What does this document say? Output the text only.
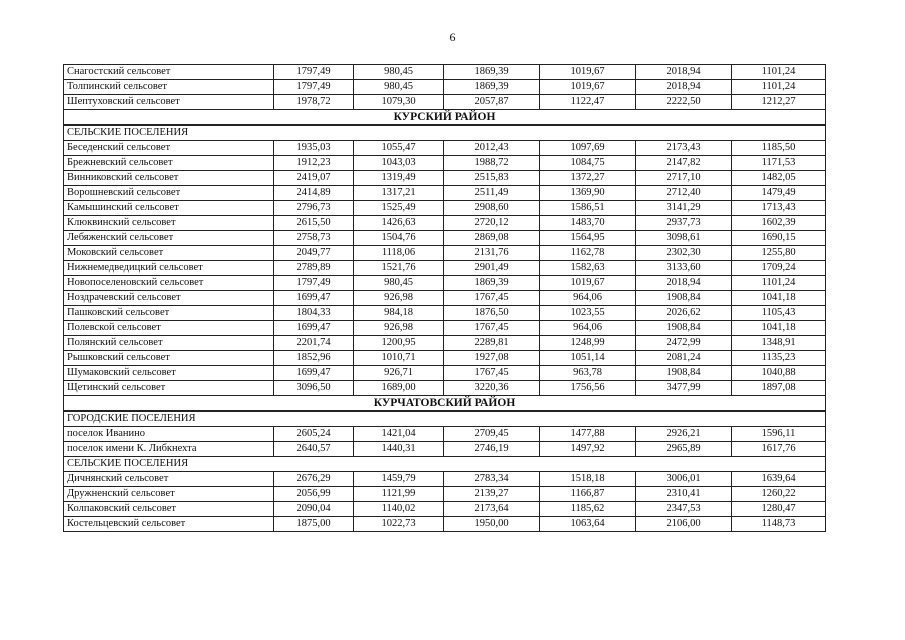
6
Снагостский сельсовет	1797,49	980,45	1869,39	1019,67	2018,94	1101,24
Толпинский сельсовет	1797,49	980,45	1869,39	1019,67	2018,94	1101,24
Шептуховский сельсовет	1978,72	1079,30	2057,87	1122,47	2222,50	1212,27
КУРСКИЙ РАЙОН						
СЕЛЬСКИЕ ПОСЕЛЕНИЯ						
Беседенский сельсовет	1935,03	1055,47	2012,43	1097,69	2173,43	1185,50
Брежневский сельсовет	1912,23	1043,03	1988,72	1084,75	2147,82	1171,53
Винниковский сельсовет	2419,07	1319,49	2515,83	1372,27	2717,10	1482,05
Ворошневский сельсовет	2414,89	1317,21	2511,49	1369,90	2712,40	1479,49
Камышинский сельсовет	2796,73	1525,49	2908,60	1586,51	3141,29	1713,43
Клюквинский сельсовет	2615,50	1426,63	2720,12	1483,70	2937,73	1602,39
Лебяженский сельсовет	2758,73	1504,76	2869,08	1564,95	3098,61	1690,15
Моковский сельсовет	2049,77	1118,06	2131,76	1162,78	2302,30	1255,80
Нижнемедведицкий сельсовет	2789,89	1521,76	2901,49	1582,63	3133,60	1709,24
Новопоселеновский сельсовет	1797,49	980,45	1869,39	1019,67	2018,94	1101,24
Ноздрачевский сельсовет	1699,47	926,98	1767,45	964,06	1908,84	1041,18
Пашковский сельсовет	1804,33	984,18	1876,50	1023,55	2026,62	1105,43
Полевской сельсовет	1699,47	926,98	1767,45	964,06	1908,84	1041,18
Полянский сельсовет	2201,74	1200,95	2289,81	1248,99	2472,99	1348,91
Рышковский сельсовет	1852,96	1010,71	1927,08	1051,14	2081,24	1135,23
Шумаковский сельсовет	1699,47	926,71	1767,45	963,78	1908,84	1040,88
Щетинский сельсовет	3096,50	1689,00	3220,36	1756,56	3477,99	1897,08
КУРЧАТОВСКИЙ РАЙОН						
ГОРОДСКИЕ ПОСЕЛЕНИЯ						
поселок Иванино	2605,24	1421,04	2709,45	1477,88	2926,21	1596,11
поселок имени К. Либкнехта	2640,57	1440,31	2746,19	1497,92	2965,89	1617,76
СЕЛЬСКИЕ ПОСЕЛЕНИЯ						
Дичнянский сельсовет	2676,29	1459,79	2783,34	1518,18	3006,01	1639,64
Дружненский сельсовет	2056,99	1121,99	2139,27	1166,87	2310,41	1260,22
Колпаковский сельсовет	2090,04	1140,02	2173,64	1185,62	2347,53	1280,47
Костельцевский сельсовет	1875,00	1022,73	1950,00	1063,64	2106,00	1148,73
